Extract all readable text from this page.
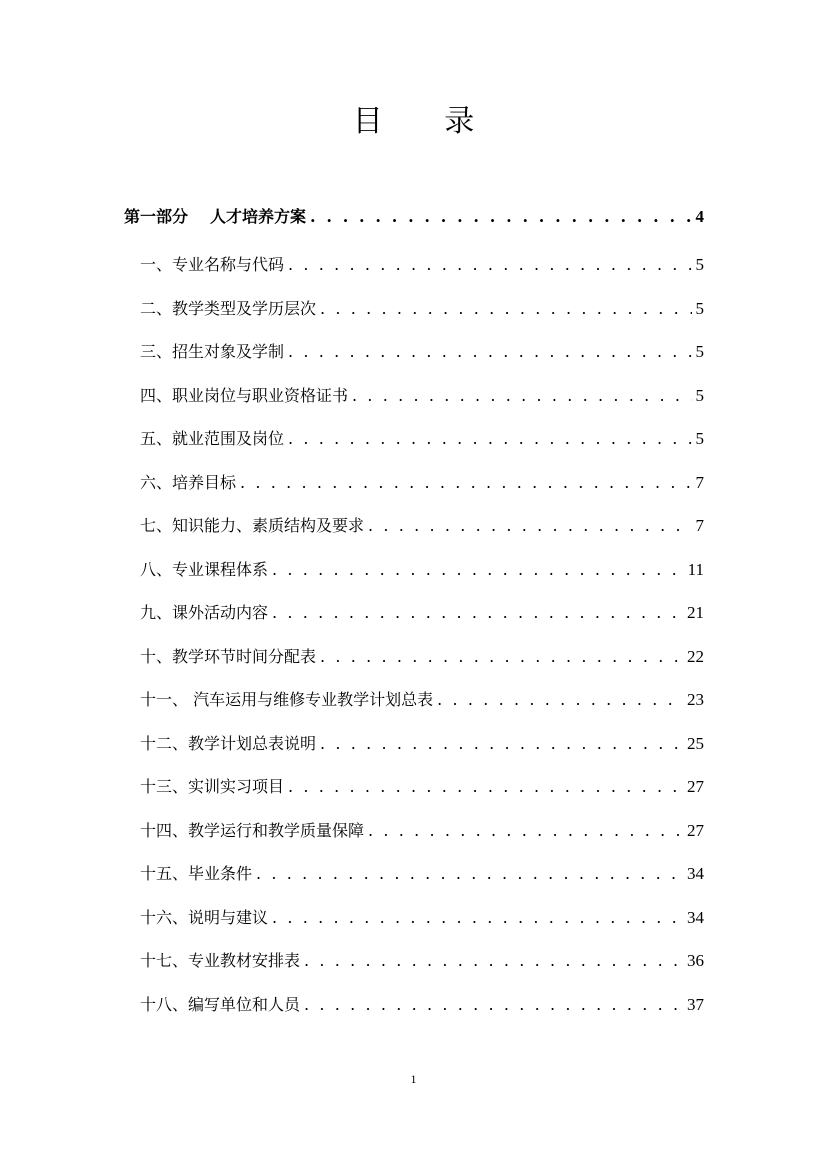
目 录
第一部分 人才培养方案 . . .	4
一、专业名称与代码 . . .	5
二、教学类型及学历层次 . . .	5
三、招生对象及学制 . . .	5
四、职业岗位与职业资格证书 . . .	5
五、就业范围及岗位 . . .	5
六、培养目标 . . .	7
七、知识能力、素质结构及要求 . . .	7
八、专业课程体系 . . .	11
九、课外活动内容 . . .	21
十、教学环节时间分配表 . . .	22
十一、 汽车运用与维修专业教学计划总表 . . .	23
十二、教学计划总表说明 . . .	25
十三、实训实习项目 . . .	27
十四、教学运行和教学质量保障 . . .	27
十五、毕业条件 . . .	34
十六、说明与建议 . . .	34
十七、专业教材安排表 . . .	36
十八、编写单位和人员 . . .	37
1
